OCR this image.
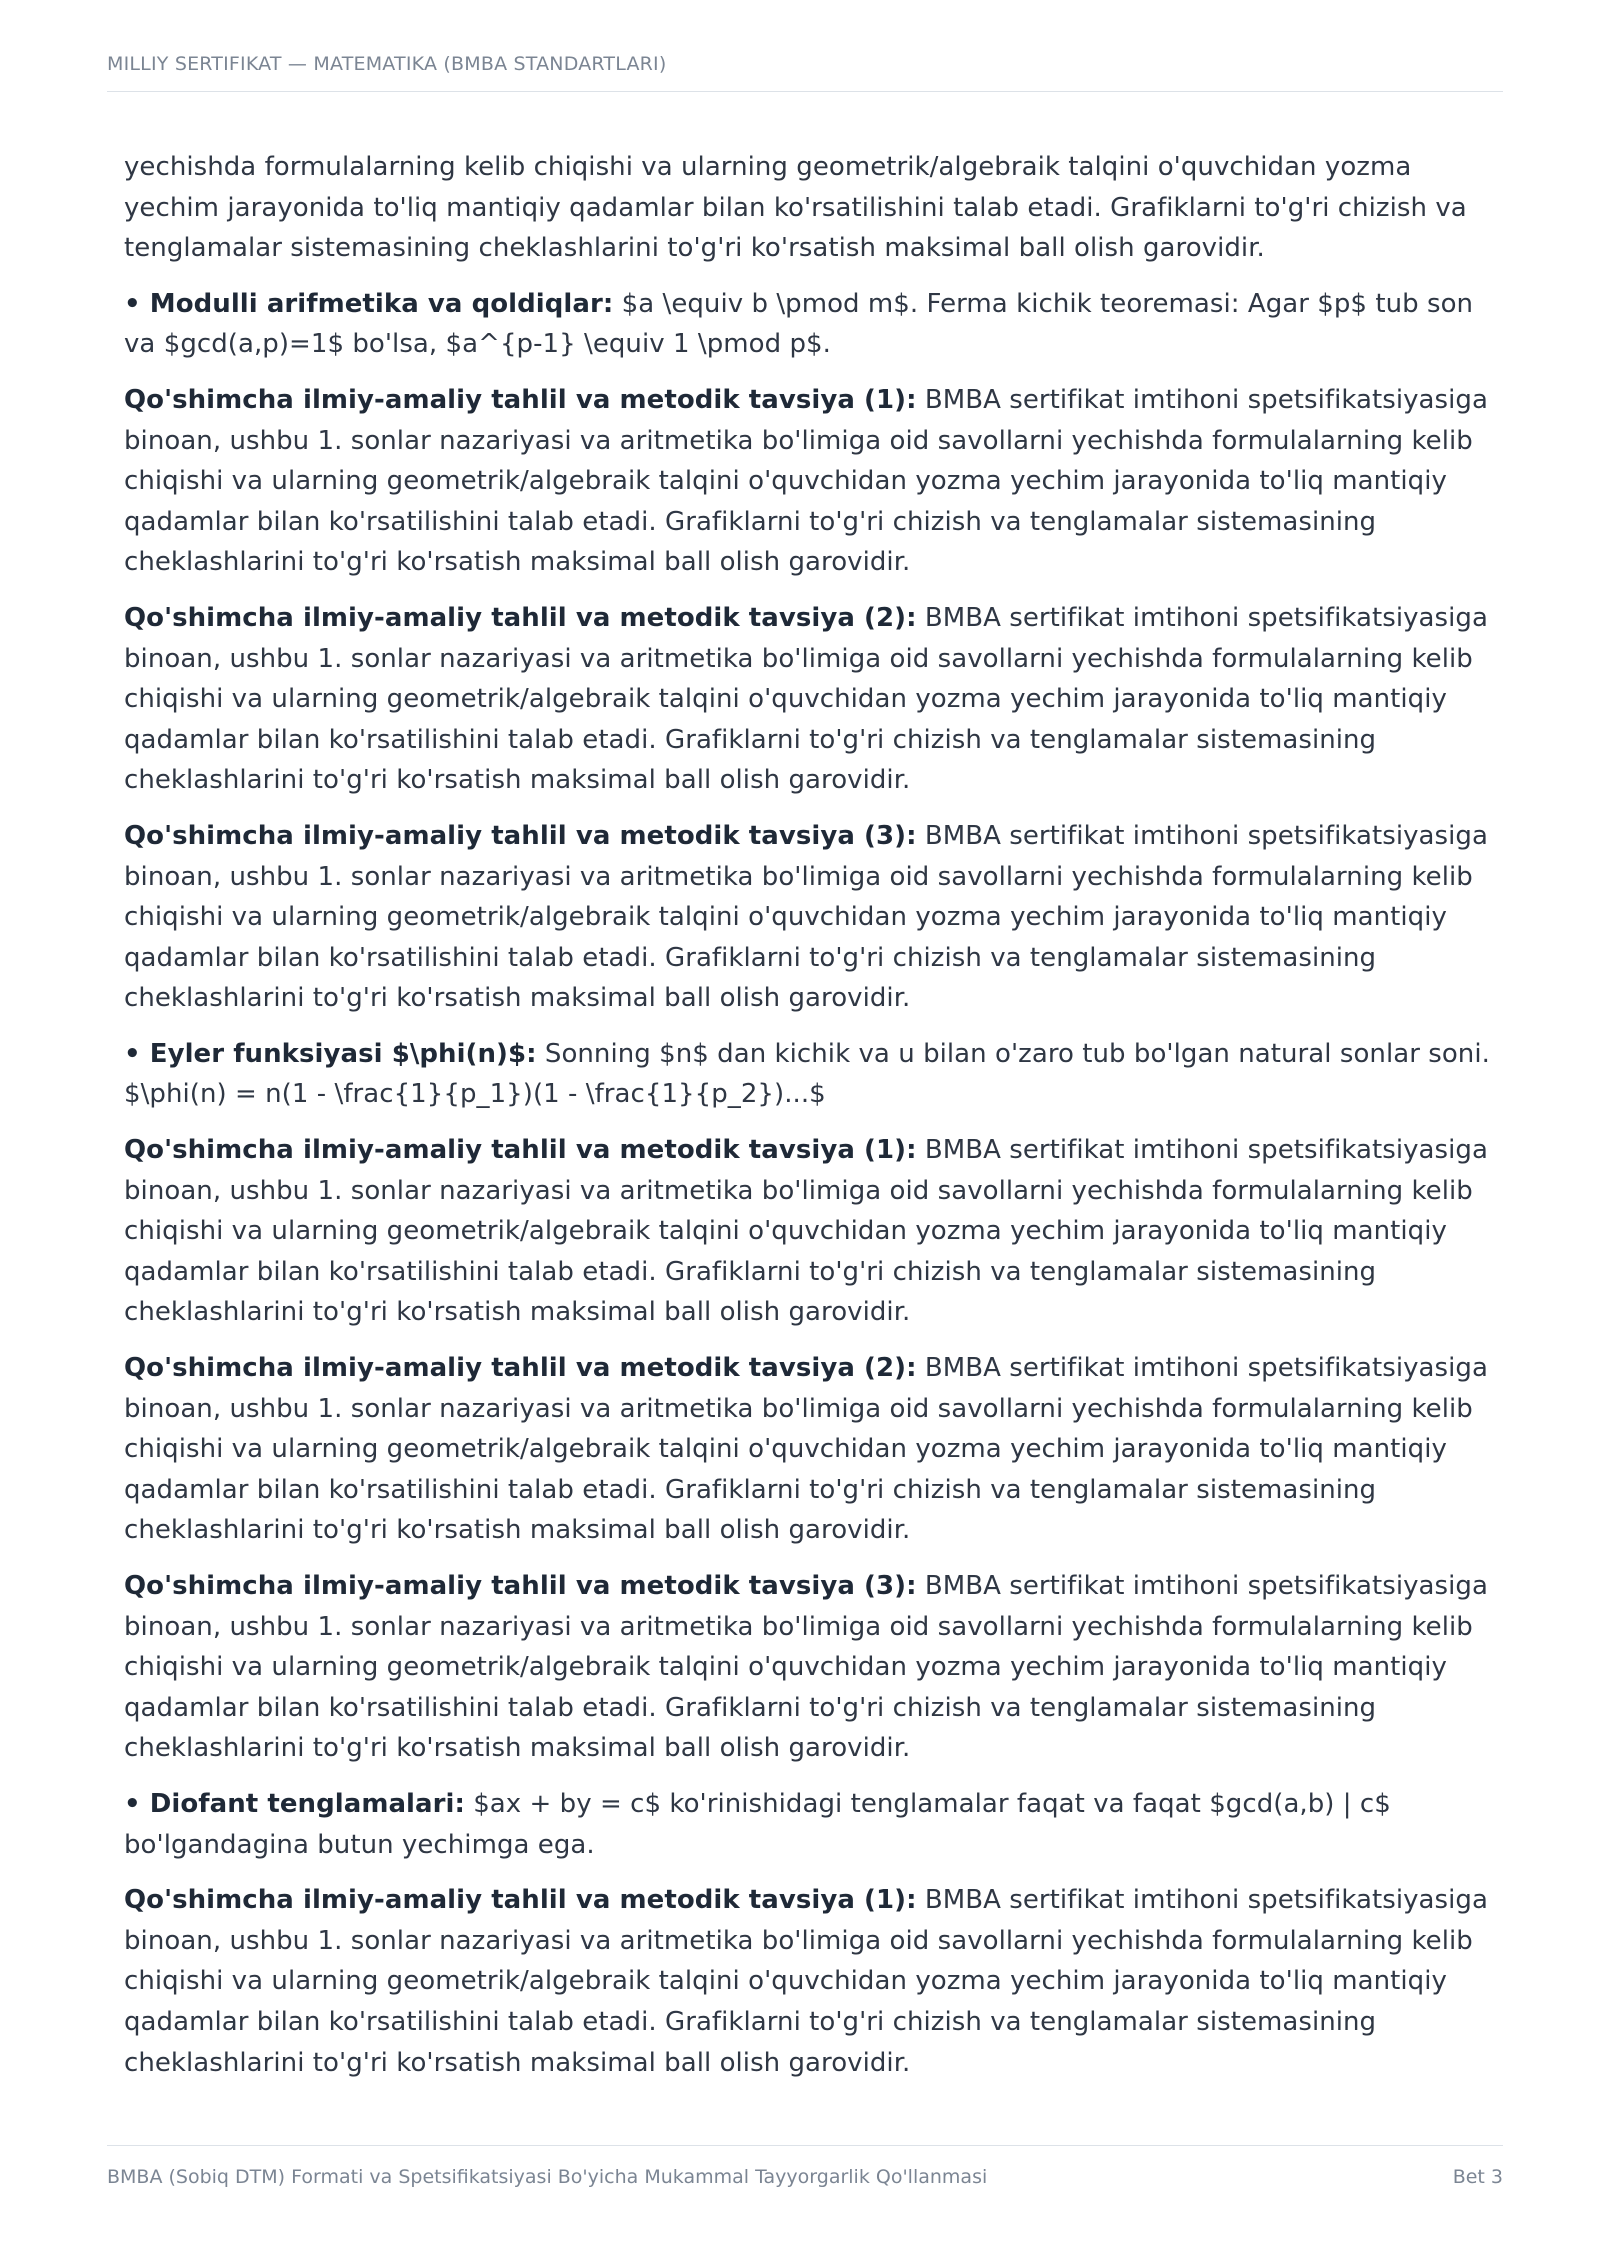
MILLIY SERTIFIKAT — MATEMATIKA (BMBA STANDARTLARI)

yechishda formulalarning kelib chiqishi va ularning geometrik/algebraik talqini o'quvchidan yozma yechim jarayonida to'liq mantiqiy qadamlar bilan ko'rsatilishini talab etadi. Grafiklarni to'g'ri chizish va tenglamalar sistemasining cheklashlarini to'g'ri ko'rsatish maksimal ball olish garovidir.

• Modulli arifmetika va qoldiqlar: $a \equiv b \pmod m$. Ferma kichik teoremasi: Agar $p$ tub son va $gcd(a,p)=1$ bo'lsa, $a^{p-1} \equiv 1 \pmod p$.

Qo'shimcha ilmiy-amaliy tahlil va metodik tavsiya (1): BMBA sertifikat imtihoni spetsifikatsiyasiga binoan, ushbu 1. sonlar nazariyasi va aritmetika bo'limiga oid savollarni yechishda formulalarning kelib chiqishi va ularning geometrik/algebraik talqini o'quvchidan yozma yechim jarayonida to'liq mantiqiy qadamlar bilan ko'rsatilishini talab etadi. Grafiklarni to'g'ri chizish va tenglamalar sistemasining cheklashlarini to'g'ri ko'rsatish maksimal ball olish garovidir.

Qo'shimcha ilmiy-amaliy tahlil va metodik tavsiya (2): BMBA sertifikat imtihoni spetsifikatsiyasiga binoan, ushbu 1. sonlar nazariyasi va aritmetika bo'limiga oid savollarni yechishda formulalarning kelib chiqishi va ularning geometrik/algebraik talqini o'quvchidan yozma yechim jarayonida to'liq mantiqiy qadamlar bilan ko'rsatilishini talab etadi. Grafiklarni to'g'ri chizish va tenglamalar sistemasining cheklashlarini to'g'ri ko'rsatish maksimal ball olish garovidir.

Qo'shimcha ilmiy-amaliy tahlil va metodik tavsiya (3): BMBA sertifikat imtihoni spetsifikatsiyasiga binoan, ushbu 1. sonlar nazariyasi va aritmetika bo'limiga oid savollarni yechishda formulalarning kelib chiqishi va ularning geometrik/algebraik talqini o'quvchidan yozma yechim jarayonida to'liq mantiqiy qadamlar bilan ko'rsatilishini talab etadi. Grafiklarni to'g'ri chizish va tenglamalar sistemasining cheklashlarini to'g'ri ko'rsatish maksimal ball olish garovidir.

• Eyler funksiyasi $\phi(n)$: Sonning $n$ dan kichik va u bilan o'zaro tub bo'lgan natural sonlar soni. $\phi(n) = n(1 - \frac{1}{p_1})(1 - \frac{1}{p_2})...$

Qo'shimcha ilmiy-amaliy tahlil va metodik tavsiya (1): BMBA sertifikat imtihoni spetsifikatsiyasiga binoan, ushbu 1. sonlar nazariyasi va aritmetika bo'limiga oid savollarni yechishda formulalarning kelib chiqishi va ularning geometrik/algebraik talqini o'quvchidan yozma yechim jarayonida to'liq mantiqiy qadamlar bilan ko'rsatilishini talab etadi. Grafiklarni to'g'ri chizish va tenglamalar sistemasining cheklashlarini to'g'ri ko'rsatish maksimal ball olish garovidir.

Qo'shimcha ilmiy-amaliy tahlil va metodik tavsiya (2): BMBA sertifikat imtihoni spetsifikatsiyasiga binoan, ushbu 1. sonlar nazariyasi va aritmetika bo'limiga oid savollarni yechishda formulalarning kelib chiqishi va ularning geometrik/algebraik talqini o'quvchidan yozma yechim jarayonida to'liq mantiqiy qadamlar bilan ko'rsatilishini talab etadi. Grafiklarni to'g'ri chizish va tenglamalar sistemasining cheklashlarini to'g'ri ko'rsatish maksimal ball olish garovidir.

Qo'shimcha ilmiy-amaliy tahlil va metodik tavsiya (3): BMBA sertifikat imtihoni spetsifikatsiyasiga binoan, ushbu 1. sonlar nazariyasi va aritmetika bo'limiga oid savollarni yechishda formulalarning kelib chiqishi va ularning geometrik/algebraik talqini o'quvchidan yozma yechim jarayonida to'liq mantiqiy qadamlar bilan ko'rsatilishini talab etadi. Grafiklarni to'g'ri chizish va tenglamalar sistemasining cheklashlarini to'g'ri ko'rsatish maksimal ball olish garovidir.

• Diofant tenglamalari: $ax + by = c$ ko'rinishidagi tenglamalar faqat va faqat $gcd(a,b) | c$ bo'lgandagina butun yechimga ega.

Qo'shimcha ilmiy-amaliy tahlil va metodik tavsiya (1): BMBA sertifikat imtihoni spetsifikatsiyasiga binoan, ushbu 1. sonlar nazariyasi va aritmetika bo'limiga oid savollarni yechishda formulalarning kelib chiqishi va ularning geometrik/algebraik talqini o'quvchidan yozma yechim jarayonida to'liq mantiqiy qadamlar bilan ko'rsatilishini talab etadi. Grafiklarni to'g'ri chizish va tenglamalar sistemasining cheklashlarini to'g'ri ko'rsatish maksimal ball olish garovidir.

BMBA (Sobiq DTM) Formati va Spetsifikatsiyasi Bo'yicha Mukammal Tayyorgarlik Qo'llanmasi	Bet 3
